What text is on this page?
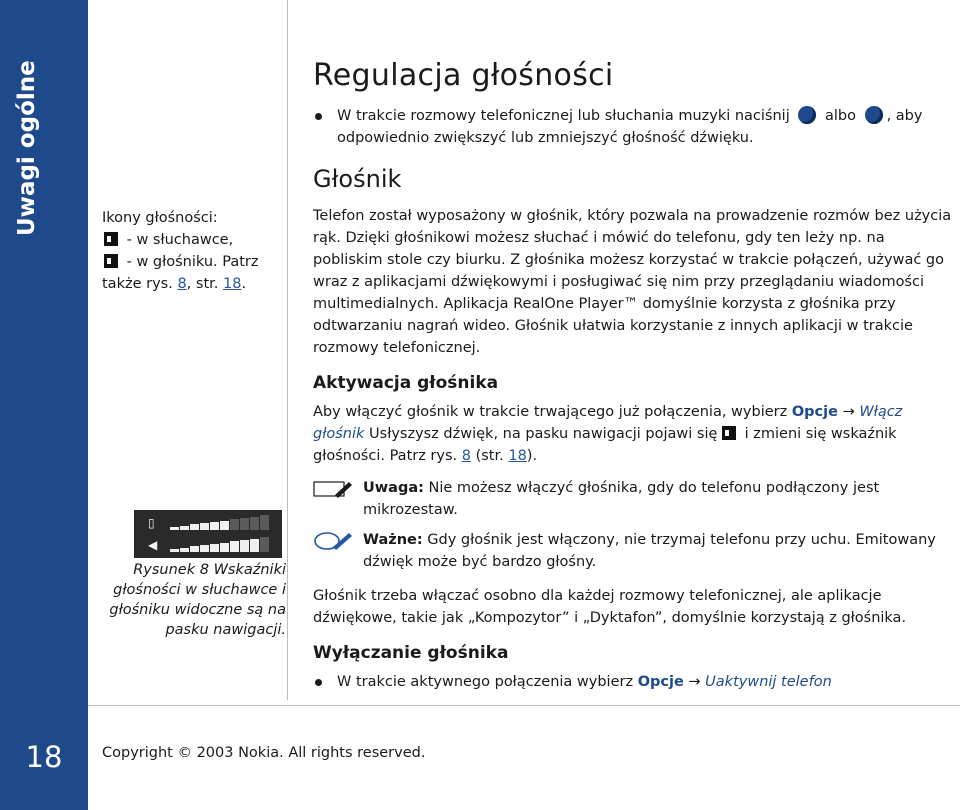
Uwagi ogólne
18
Ikony głośności:
- w słuchawce,
- w głośniku. Patrz
także rys. 8, str. 18.
▯
◀
Rysunek 8 Wskaźniki głośności w słuchawce i głośniku widoczne są na pasku nawigacji.
Regulacja głośności
W trakcie rozmowy telefonicznej lub słuchania muzyki naciśnij albo , aby odpowiednio zwiększyć lub zmniejszyć głośność dźwięku.
Głośnik
Telefon został wyposażony w głośnik, który pozwala na prowadzenie rozmów bez użycia rąk. Dzięki głośnikowi możesz słuchać i mówić do telefonu, gdy ten leży np. na pobliskim stole czy biurku. Z głośnika możesz korzystać w trakcie połączeń, używać go wraz z aplikacjami dźwiękowymi i posługiwać się nim przy przeglądaniu wiadomości multimedialnych. Aplikacja RealOne Player™ domyślnie korzysta z głośnika przy odtwarzaniu nagrań wideo. Głośnik ułatwia korzystanie z innych aplikacji w trakcie rozmowy telefonicznej.
Aktywacja głośnika
Aby włączyć głośnik w trakcie trwającego już połączenia, wybierz Opcje → Włącz głośnik Usłyszysz dźwięk, na pasku nawigacji pojawi się i zmieni się wskaźnik głośności. Patrz rys. 8 (str. 18).
Uwaga: Nie możesz włączyć głośnika, gdy do telefonu podłączony jest mikrozestaw.
Ważne: Gdy głośnik jest włączony, nie trzymaj telefonu przy uchu. Emitowany dźwięk może być bardzo głośny.
Głośnik trzeba włączać osobno dla każdej rozmowy telefonicznej, ale aplikacje dźwiękowe, takie jak „Kompozytor” i „Dyktafon”, domyślnie korzystają z głośnika.
Wyłączanie głośnika
W trakcie aktywnego połączenia wybierz Opcje → Uaktywnij telefon
Copyright © 2003 Nokia. All rights reserved.
